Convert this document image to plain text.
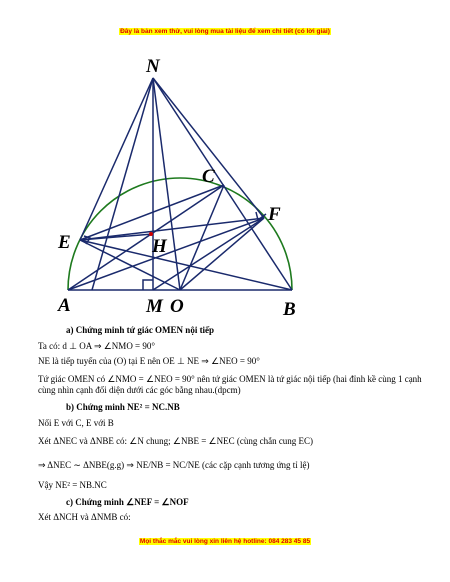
Đây là bản xem thử, vui lòng mua tài liệu để xem chi tiết (có lời giải)
N
C
F
E	H
A	M O	B
a) Chứng minh tứ giác OMEN nội tiếp
Ta có: d ⊥ OA ⇒ ∠NMO = 90°
NE là tiếp tuyến của (O) tại E nên OE ⊥ NE ⇒ ∠NEO = 90°
Tứ giác OMEN có ∠NMO = ∠NEO = 90° nên tứ giác OMEN là tứ giác nội tiếp (hai đỉnh kề cùng 1 cạnh cùng nhìn cạnh đối diện dưới các góc bằng nhau.(dpcm)
b) Chứng minh NE² = NC.NB
Nối E với C, E với B
Xét ΔNEC và ΔNBE có: ∠N chung; ∠NBE = ∠NEC (cùng chắn cung EC)
⇒ ΔNEC ∼ ΔNBE(g.g) ⇒ NE/NB = NC/NE (các cặp cạnh tương ứng tỉ lệ)
Vậy NE² = NB.NC
c) Chứng minh ∠NEF = ∠NOF
Xét ΔNCH và ΔNMB có:
Mọi thắc mắc vui lòng xin liên hệ hotline: 084 283 45 85
